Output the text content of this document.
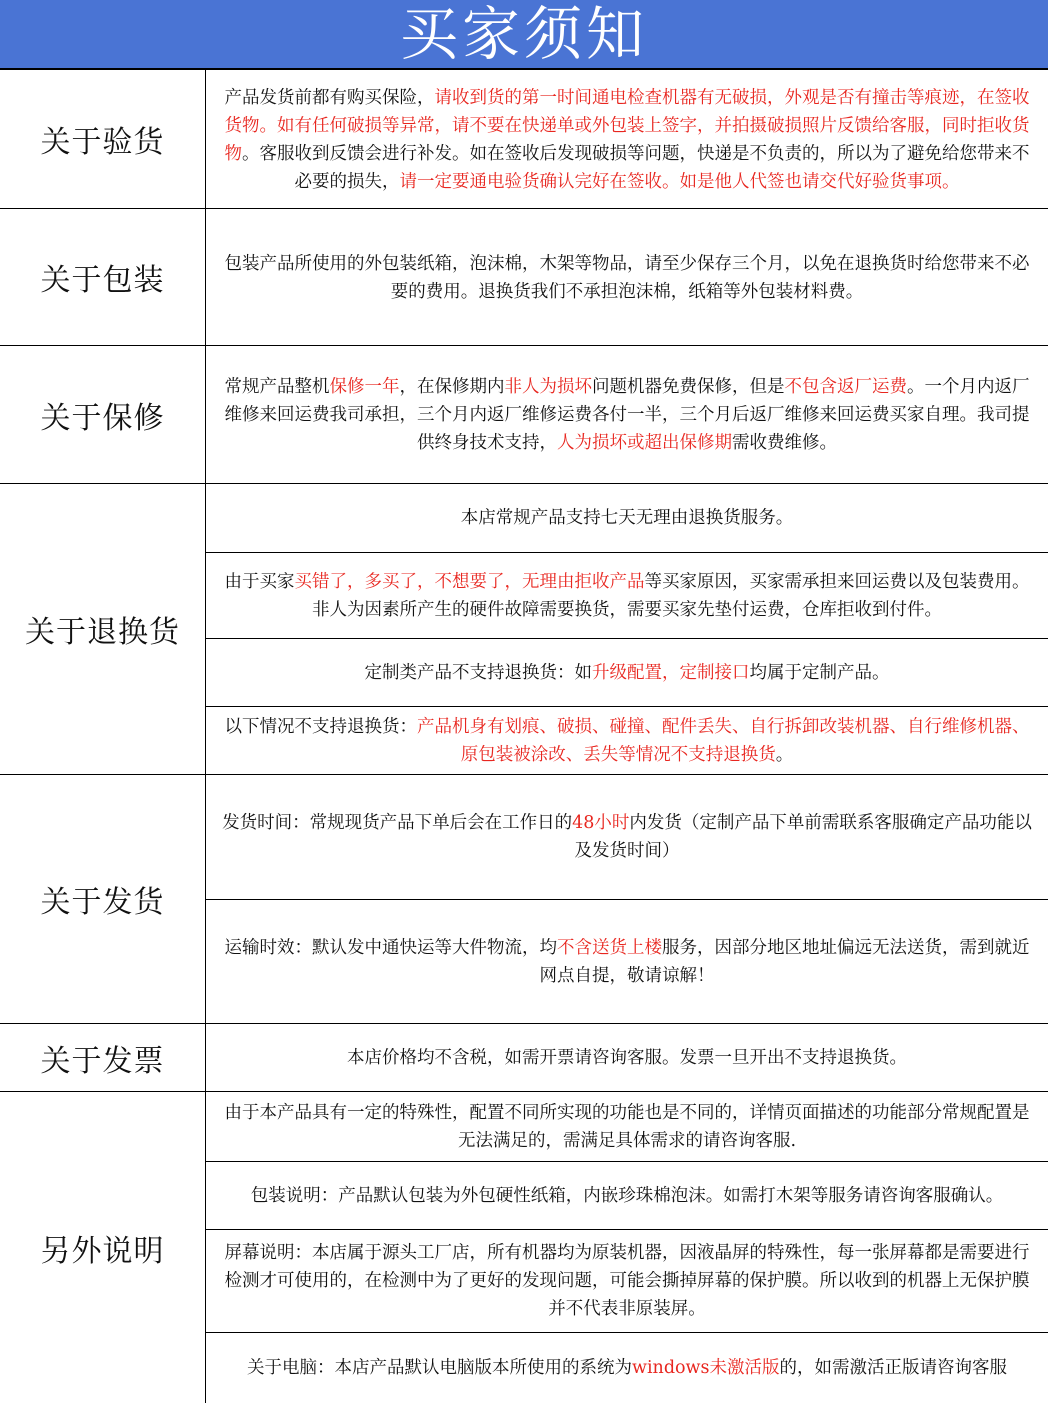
买家须知
关于验货

产品发货前都有购买保险，请收到货的第一时间通电检查机器有无破损，外观是否有撞击等痕迹，在签收货物。如有任何破损等异常，请不要在快递单或外包装上签字，并拍摄破损照片反馈给客服，同时拒收货物。客服收到反馈会进行补发。如在签收后发现破损等问题，快递是不负责的，所以为了避免给您带来不必要的损失，请一定要通电验货确认完好在签收。如是他人代签也请交代好验货事项。

关于包装	包装产品所使用的外包装纸箱，泡沫棉，木架等物品，请至少保存三个月，以免在退换货时给您带来不必要的费用。退换货我们不承担泡沫棉，纸箱等外包装材料费。
关于保修

常规产品整机保修一年，在保修期内非人为损坏问题机器免费保修，但是不包含返厂运费。一个月内返厂维修来回运费我司承担，三个月内返厂维修运费各付一半，三个月后返厂维修来回运费买家自理。我司提供终身技术支持，人为损坏或超出保修期需收费维修。

关于退换货
本店常规产品支持七天无理由退换货服务。

由于买家买错了，多买了，不想要了，无理由拒收产品等买家原因，买家需承担来回运费以及包装费用。非人为因素所产生的硬件故障需要换货，需要买家先垫付运费，仓库拒收到付件。

定制类产品不支持退换货：如升级配置，定制接口均属于定制产品。

以下情况不支持退换货：产品机身有划痕、破损、碰撞、配件丢失、自行拆卸改装机器、自行维修机器、原包装被涂改、丢失等情况不支持退换货。

关于发货

发货时间：常规现货产品下单后会在工作日的48小时内发货（定制产品下单前需联系客服确定产品功能以及发货时间）

运输时效：默认发中通快运等大件物流，均不含送货上楼服务，因部分地区地址偏远无法送货，需到就近网点自提，敬请谅解！

关于发票	本店价格均不含税，如需开票请咨询客服。发票一旦开出不支持退换货。
另外说明
由于本产品具有一定的特殊性，配置不同所实现的功能也是不同的，详情页面描述的功能部分常规配置是无法满足的，需满足具体需求的请咨询客服.
包装说明：产品默认包装为外包硬性纸箱，内嵌珍珠棉泡沫。如需打木架等服务请咨询客服确认。
屏幕说明：本店属于源头工厂店，所有机器均为原装机器，因液晶屏的特殊性，每一张屏幕都是需要进行检测才可使用的，在检测中为了更好的发现问题，可能会撕掉屏幕的保护膜。所以收到的机器上无保护膜并不代表非原装屏。

关于电脑：本店产品默认电脑版本所使用的系统为windows未激活版的，如需激活正版请咨询客服
